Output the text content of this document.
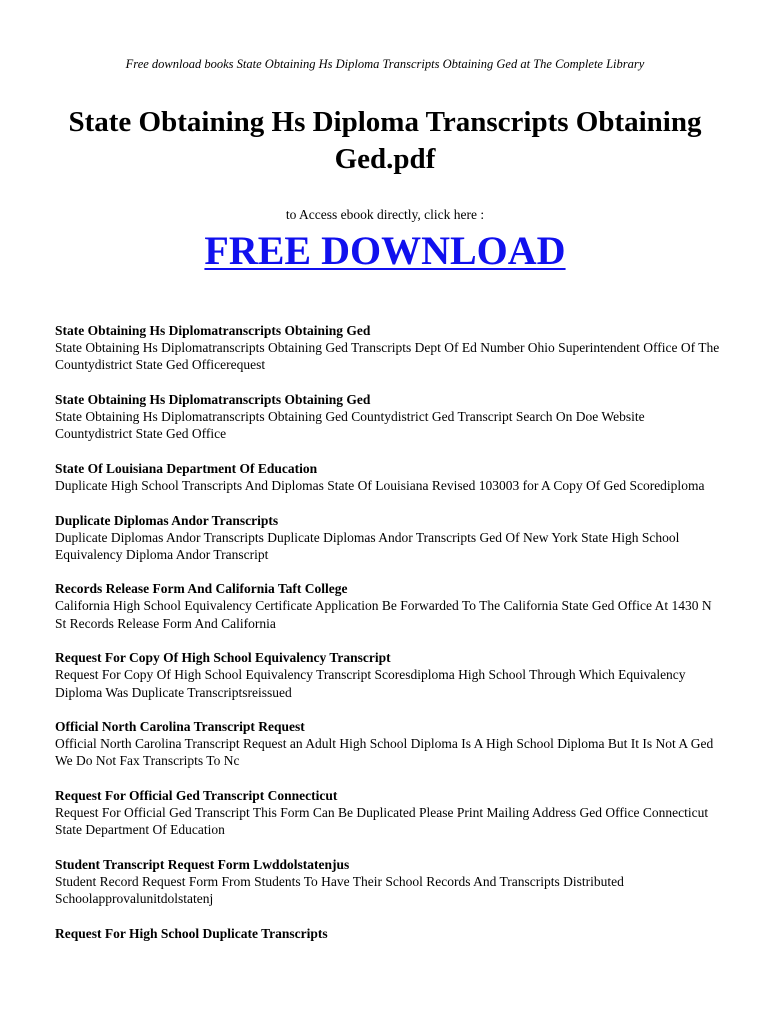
Free download books State Obtaining Hs Diploma Transcripts Obtaining Ged at The Complete Library
State Obtaining Hs Diploma Transcripts Obtaining Ged.pdf
to Access ebook directly, click here :
FREE DOWNLOAD
State Obtaining Hs Diplomatranscripts Obtaining Ged
State Obtaining Hs Diplomatranscripts Obtaining Ged Transcripts Dept Of Ed Number Ohio Superintendent Office Of The Countydistrict State Ged Officerequest
State Obtaining Hs Diplomatranscripts Obtaining Ged
State Obtaining Hs Diplomatranscripts Obtaining Ged Countydistrict Ged Transcript Search On Doe Website Countydistrict State Ged Office
State Of Louisiana Department Of Education
Duplicate High School Transcripts And Diplomas State Of Louisiana Revised 103003 for A Copy Of Ged Scorediploma
Duplicate Diplomas Andor Transcripts
Duplicate Diplomas Andor Transcripts Duplicate Diplomas Andor Transcripts Ged Of New York State High School Equivalency Diploma Andor Transcript
Records Release Form And California Taft College
California High School Equivalency Certificate Application Be Forwarded To The California State Ged Office At 1430 N St Records Release Form And California
Request For Copy Of High School Equivalency Transcript
Request For Copy Of High School Equivalency Transcript Scoresdiploma High School Through Which Equivalency Diploma Was Duplicate Transcriptsreissued
Official North Carolina Transcript Request
Official North Carolina Transcript Request an Adult High School Diploma Is A High School Diploma But It Is Not A Ged We Do Not Fax Transcripts To Nc
Request For Official Ged Transcript Connecticut
Request For Official Ged Transcript This Form Can Be Duplicated Please Print Mailing Address Ged Office Connecticut State Department Of Education
Student Transcript Request Form Lwddolstatenjus
Student Record Request Form From Students To Have Their School Records And Transcripts Distributed Schoolapprovalunitdolstatenj
Request For High School Duplicate Transcripts
